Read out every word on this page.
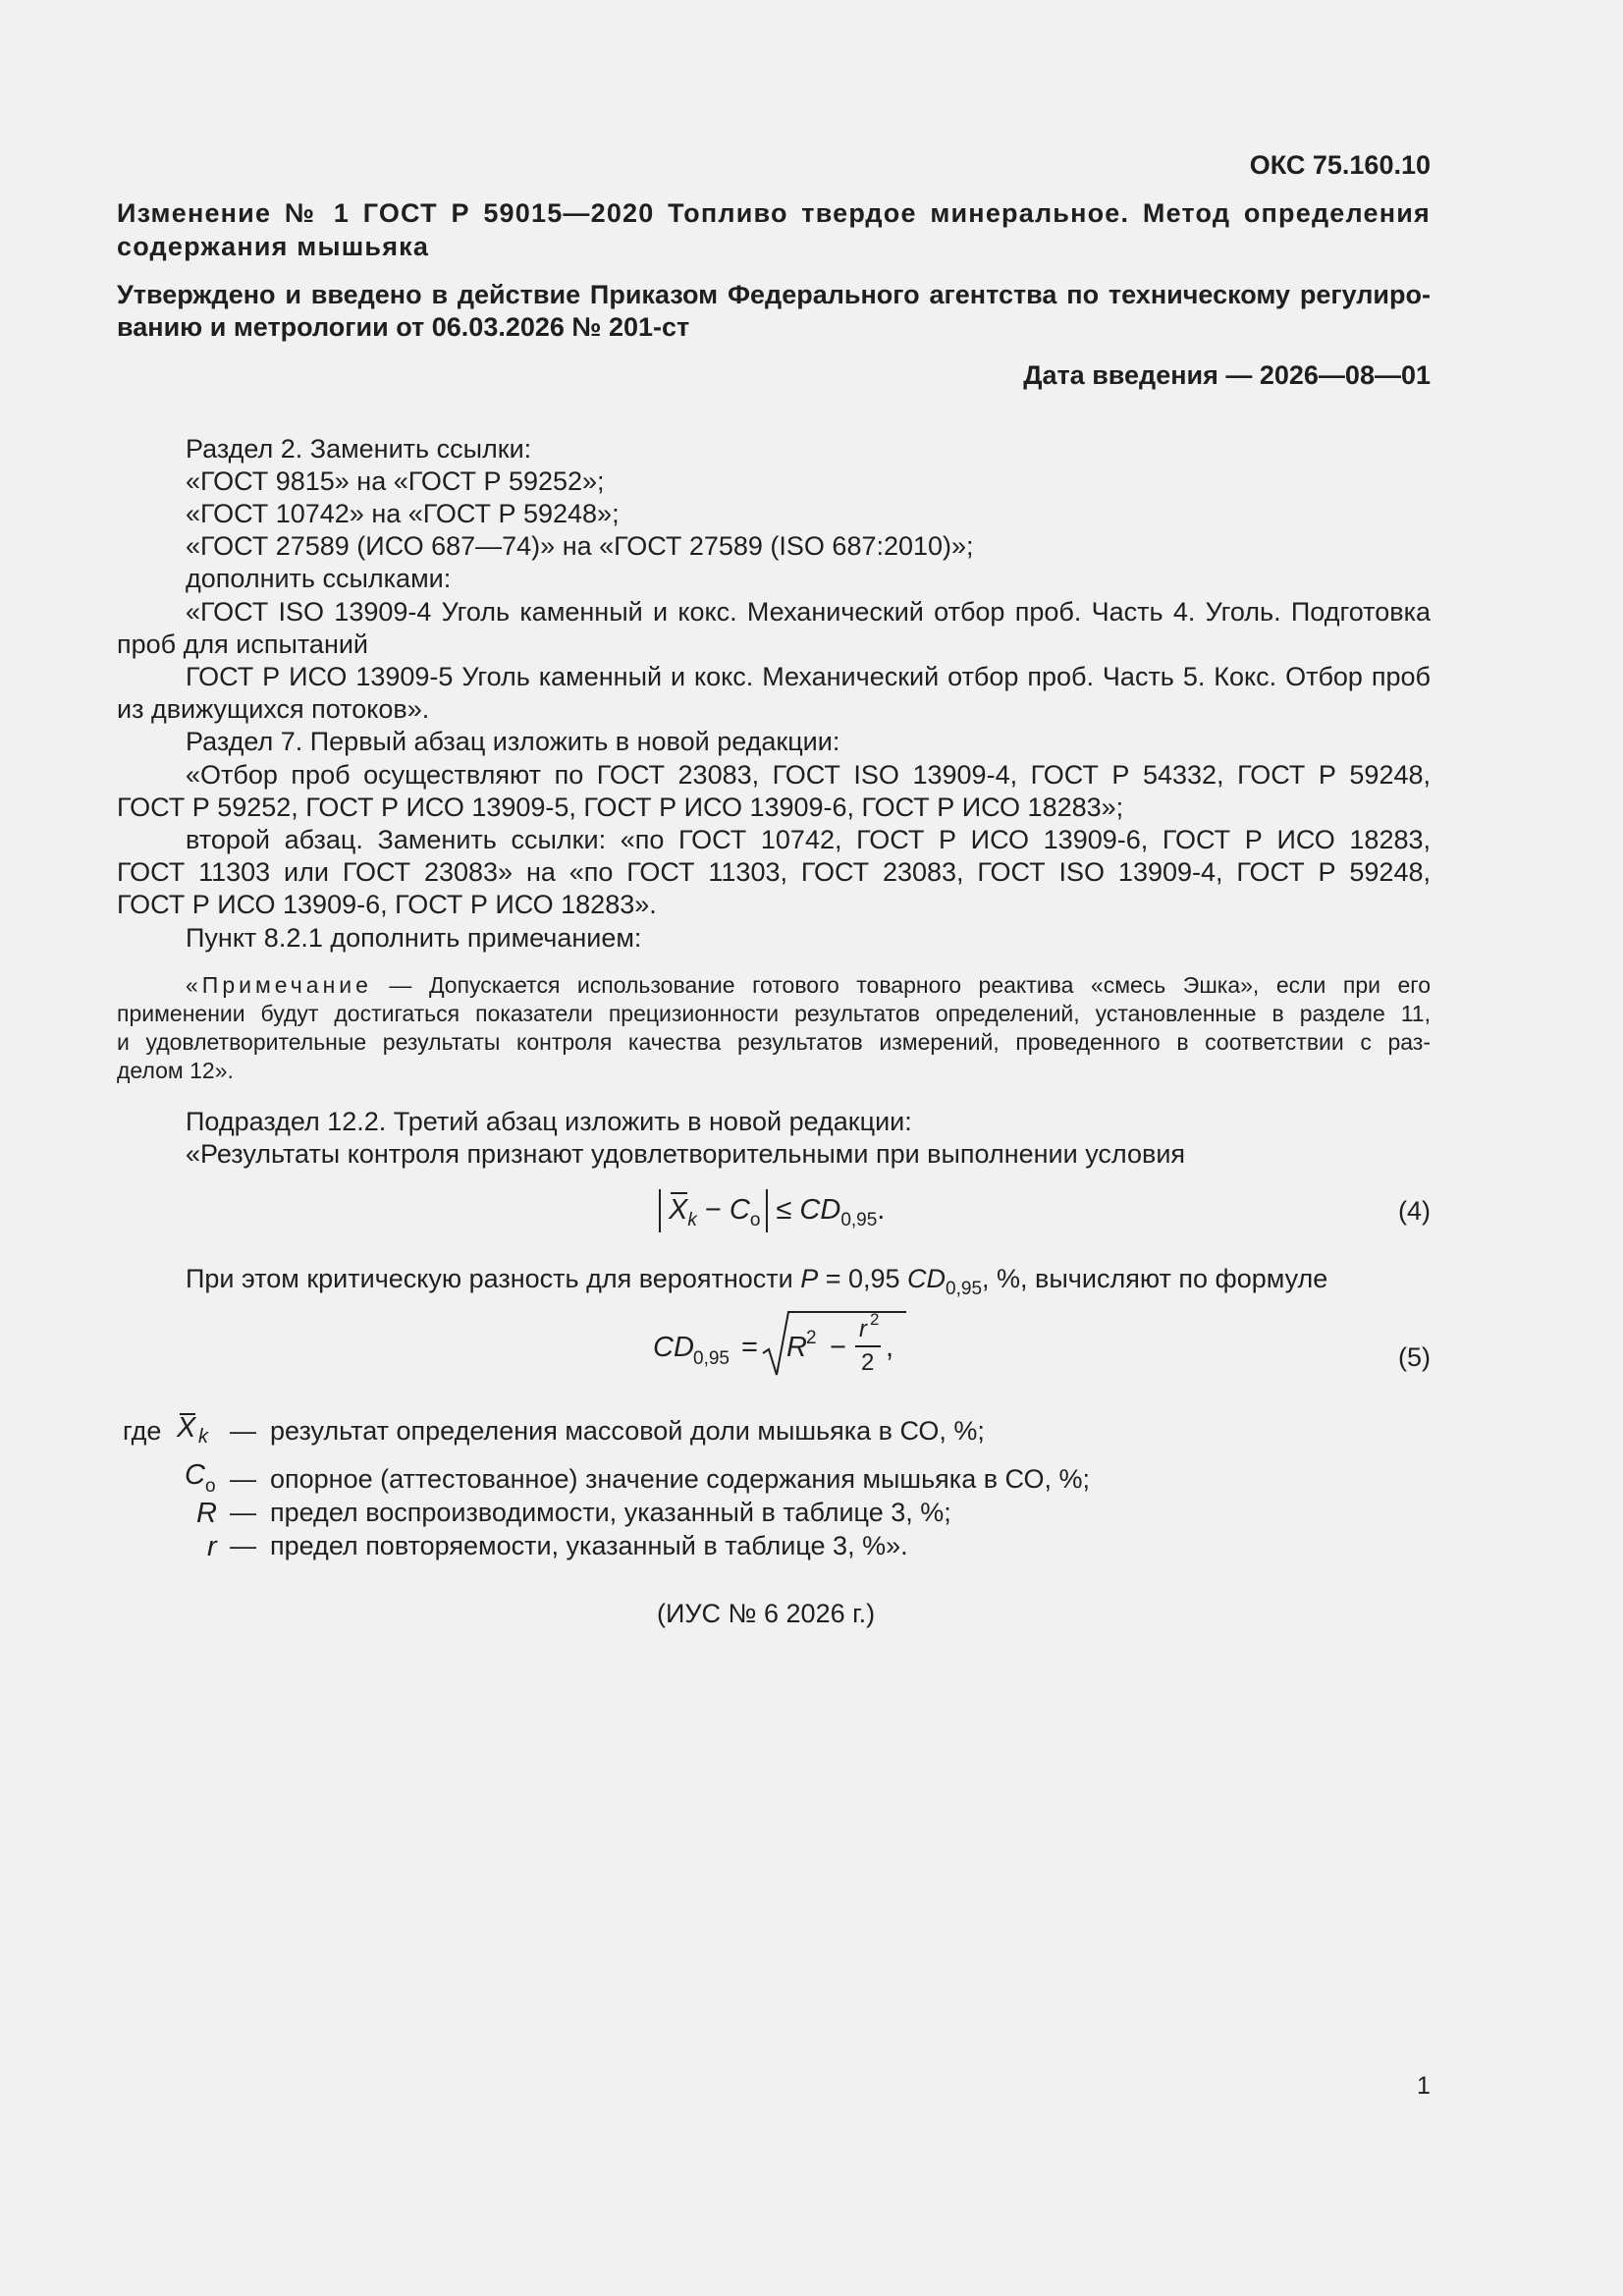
ОКС 75.160.10
Изменение № 1 ГОСТ Р 59015—2020 Топливо твердое минеральное. Метод определения
содержания мышьяка
Утверждено и введено в действие Приказом Федерального агентства по техническому регулиро-
ванию и метрологии от 06.03.2026 № 201-ст
Дата введения — 2026—08—01
Раздел 2. Заменить ссылки:
«ГОСТ 9815» на «ГОСТ Р 59252»;
«ГОСТ 10742» на «ГОСТ Р 59248»;
«ГОСТ 27589 (ИСО 687—74)» на «ГОСТ 27589 (ISO 687:2010)»;
дополнить ссылками:
«ГОСТ ISO 13909-4 Уголь каменный и кокс. Механический отбор проб. Часть 4. Уголь. Подготовка
проб для испытаний
ГОСТ Р ИСО 13909-5 Уголь каменный и кокс. Механический отбор проб. Часть 5. Кокс. Отбор проб
из движущихся потоков».
Раздел 7. Первый абзац изложить в новой редакции:
«Отбор проб осуществляют по ГОСТ 23083, ГОСТ ISO 13909-4, ГОСТ Р 54332, ГОСТ Р 59248,
ГОСТ Р 59252, ГОСТ Р ИСО 13909-5, ГОСТ Р ИСО 13909-6, ГОСТ Р ИСО 18283»;
второй абзац. Заменить ссылки: «по ГОСТ 10742, ГОСТ Р ИСО 13909-6, ГОСТ Р ИСО 18283,
ГОСТ 11303 или ГОСТ 23083» на «по ГОСТ 11303, ГОСТ 23083, ГОСТ ISO 13909-4, ГОСТ Р 59248,
ГОСТ Р ИСО 13909-6, ГОСТ Р ИСО 18283».
Пункт 8.2.1 дополнить примечанием:
«Примечание — Допускается использование готового товарного реактива «смесь Эшка», если при его
применении будут достигаться показатели прецизионности результатов определений, установленные в разделе 11,
и удовлетворительные результаты контроля качества результатов измерений, проведенного в соответствии с раз-
делом 12».
Подраздел 12.2. Третий абзац изложить в новой редакции:
«Результаты контроля признают удовлетворительными при выполнении условия
$X_k - C_о \le CD_{0,95}$.	(4)
При этом критическую разность для вероятности P = 0,95 $CD_{0,95}$, %, вычисляют по формуле
CD 0,95 = R 2 −
r 2
2 ,	(5)
где X k — результат определения массовой доли мышьяка в СО, %;
$C_о$ — опорное (аттестованное) значение содержания мышьяка в СО, %;
R — предел воспроизводимости, указанный в таблице 3, %;
r — предел повторяемости, указанный в таблице 3, %».
(ИУС № 6 2026 г.)
1
